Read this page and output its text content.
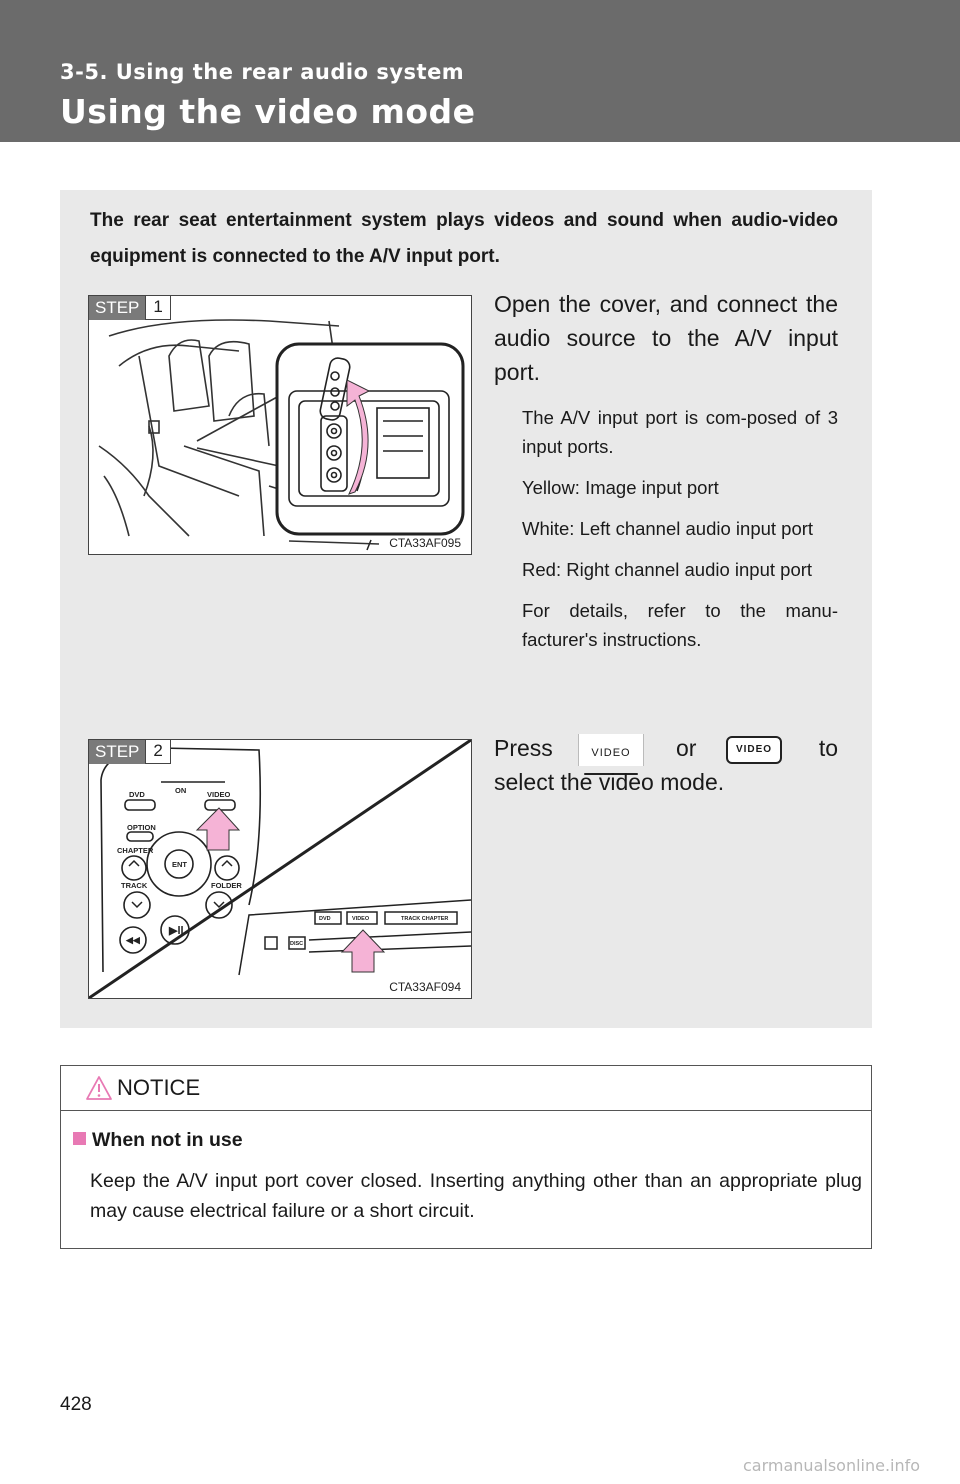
3-5. Using the rear audio system
Using the video mode
The rear seat entertainment system plays videos and sound when audio-video equipment is connected to the A/V input port.
STEP 1
CTA33AF095
Open the cover, and connect the audio source to the A/V input port.

The A/V input port is com-posed of 3 input ports.

Yellow: Image input port

White: Left channel audio input port

Red: Right channel audio input port

For details, refer to the manu-facturer's instructions.

STEP 2
ON
DVD	VIDEO
OPTION
CHAPTER
ENT
TRACK	FOLDER
◀◀
▶ll
DVD	VIDEO	TRACK CHAPTER
DISC
CTA33AF094
Press	VIDEO or	VIDEO to
select the video mode.
NOTICE
When not in use
Keep the A/V input port cover closed. Inserting anything other than an appropriate plug may cause electrical failure or a short circuit.
428
carmanualsonline.info
